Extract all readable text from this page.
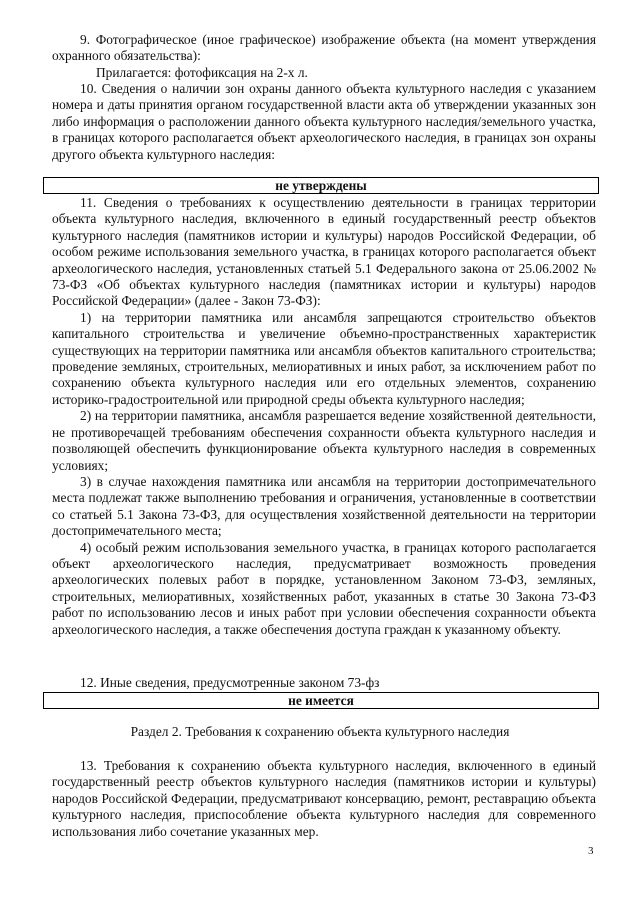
9. Фотографическое (иное графическое) изображение объекта (на момент утверждения охранного обязательства):

Прилагается: фотофиксация на 2-х л.

10. Сведения о наличии зон охраны данного объекта культурного наследия с указанием номера и даты принятия органом государственной власти акта об утверждении указанных зон либо информация о расположении данного объекта культурного наследия/земельного участка, в границах которого располагается объект археологического наследия, в границах зон охраны другого объекта культурного наследия:

не утверждены

11. Сведения о требованиях к осуществлению деятельности в границах территории объекта культурного наследия, включенного в единый государственный реестр объектов культурного наследия (памятников истории и культуры) народов Российской Федерации, об особом режиме использования земельного участка, в границах которого располагается объект археологического наследия, установленных статьей 5.1 Федерального закона от 25.06.2002 № 73-ФЗ «Об объектах культурного наследия (памятниках истории и культуры) народов Российской Федерации» (далее - Закон 73-ФЗ):

1) на территории памятника или ансамбля запрещаются строительство объектов капитального строительства и увеличение объемно-пространственных характеристик существующих на территории памятника или ансамбля объектов капитального строительства; проведение земляных, строительных, мелиоративных и иных работ, за исключением работ по сохранению объекта культурного наследия или его отдельных элементов, сохранению историко-градостроительной или природной среды объекта культурного наследия;

2) на территории памятника, ансамбля разрешается ведение хозяйственной деятельности, не противоречащей требованиям обеспечения сохранности объекта культурного наследия и позволяющей обеспечить функционирование объекта культурного наследия в современных условиях;

3) в случае нахождения памятника или ансамбля на территории достопримечательного места подлежат также выполнению требования и ограничения, установленные в соответствии со статьей 5.1 Закона 73-ФЗ, для осуществления хозяйственной деятельности на территории достопримечательного места;

4) особый режим использования земельного участка, в границах которого располагается объект археологического наследия, предусматривает возможность проведения археологических полевых работ в порядке, установленном Законом 73-ФЗ, земляных, строительных, мелиоративных, хозяйственных работ, указанных в статье 30 Закона 73-ФЗ работ по использованию лесов и иных работ при условии обеспечения сохранности объекта археологического наследия, а также обеспечения доступа граждан к указанному объекту.

12. Иные сведения, предусмотренные законом 73-фз

не имеется
Раздел 2. Требования к сохранению объекта культурного наследия

13. Требования к сохранению объекта культурного наследия, включенного в единый государственный реестр объектов культурного наследия (памятников истории и культуры) народов Российской Федерации, предусматривают консервацию, ремонт, реставрацию объекта культурного наследия, приспособление объекта культурного наследия для современного использования либо сочетание указанных мер.

3
